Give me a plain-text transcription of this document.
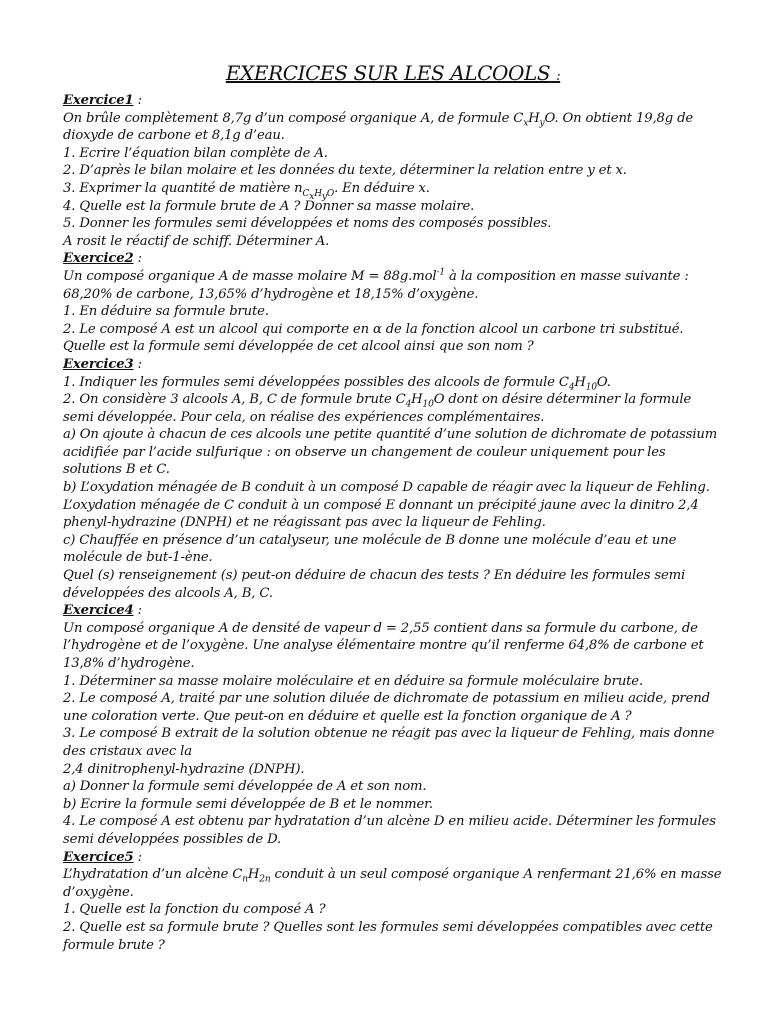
EXERCICES SUR LES ALCOOLS :
Exercice1 :
On brûle complètement 8,7g d’un composé organique A, de formule $C_xH_yO$. On obtient 19,8g de dioxyde de carbone et 8,1g d’eau.
1. Ecrire l’équation bilan complète de A.
2. D’après le bilan molaire et les données du texte, déterminer la relation entre y et x.
3. Exprimer la quantité de matière $n_{C_xH_yO}$. En déduire x.
4. Quelle est la formule brute de A ? Donner sa masse molaire.
5. Donner les formules semi développées et noms des composés possibles.
A rosit le réactif de schiff. Déterminer A.
Exercice2 :
Un composé organique A de masse molaire M = 88g.mol$^{-1}$ à la composition en masse suivante : 68,20% de carbone, 13,65% d’hydrogène et 18,15% d’oxygène.
1. En déduire sa formule brute.
2. Le composé A est un alcool qui comporte en α de la fonction alcool un carbone tri substitué. Quelle est la formule semi développée de cet alcool ainsi que son nom ?
Exercice3 :
1. Indiquer les formules semi développées possibles des alcools de formule $C_4H_{10}O$.
2. On considère 3 alcools A, B, C de formule brute $C_4H_{10}O$ dont on désire déterminer la formule semi développée. Pour cela, on réalise des expériences complémentaires.
a) On ajoute à chacun de ces alcools une petite quantité d’une solution de dichromate de potassium acidifiée par l’acide sulfurique : on observe un changement de couleur uniquement pour les solutions B et C.
b) L’oxydation ménagée de B conduit à un composé D capable de réagir avec la liqueur de Fehling.
L’oxydation ménagée de C conduit à un composé E donnant un précipité jaune avec la dinitro 2,4 phenyl-hydrazine (DNPH) et ne réagissant pas avec la liqueur de Fehling.
c) Chauffée en présence d’un catalyseur, une molécule de B donne une molécule d’eau et une molécule de but-1-ène.
Quel (s) renseignement (s) peut-on déduire de chacun des tests ? En déduire les formules semi développées des alcools A, B, C.
Exercice4 :
Un composé organique A de densité de vapeur d = 2,55 contient dans sa formule du carbone, de l’hydrogène et de l’oxygène. Une analyse élémentaire montre qu’il renferme 64,8% de carbone et 13,8% d’hydrogène.
1. Déterminer sa masse molaire moléculaire et en déduire sa formule moléculaire brute.
2. Le composé A, traité par une solution diluée de dichromate de potassium en milieu acide, prend une coloration verte. Que peut-on en déduire et quelle est la fonction organique de A ?
3. Le composé B extrait de la solution obtenue ne réagit pas avec la liqueur de Fehling, mais donne des cristaux avec la
2,4 dinitrophenyl-hydrazine (DNPH).
a) Donner la formule semi développée de A et son nom.
b) Ecrire la formule semi développée de B et le nommer.
4. Le composé A est obtenu par hydratation d’un alcène D en milieu acide. Déterminer les formules semi développées possibles de D.
Exercice5 :
L’hydratation d’un alcène $C_nH_{2n}$ conduit à un seul composé organique A renfermant 21,6% en masse d’oxygène.
1. Quelle est la fonction du composé A ?
2. Quelle est sa formule brute ? Quelles sont les formules semi développées compatibles avec cette formule brute ?
